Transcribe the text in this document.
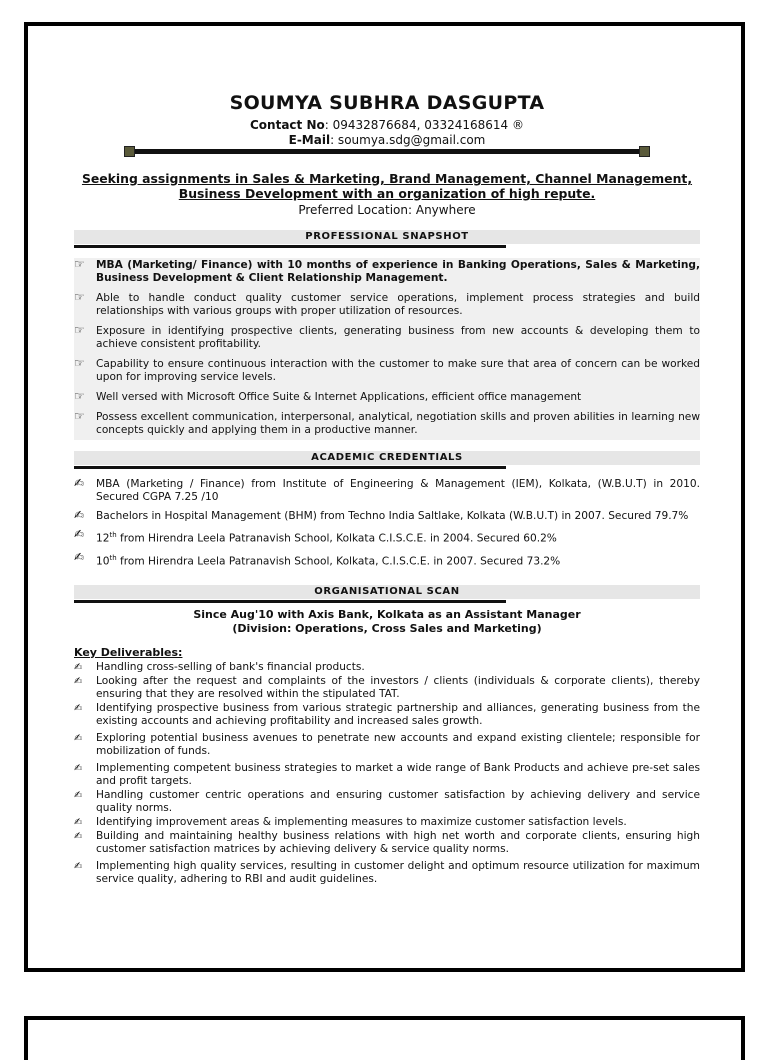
SOUMYA SUBHRA DASGUPTA
Contact No: 09432876684, 03324168614 ®
E-Mail: soumya.sdg@gmail.com
Seeking assignments in Sales & Marketing, Brand Management, Channel Management,
Business Development with an organization of high repute.
Preferred Location: Anywhere
PROFESSIONAL SNAPSHOT
☞ MBA (Marketing/ Finance) with 10 months of experience in Banking Operations, Sales & Marketing, Business Development & Client Relationship Management.
☞ Able to handle conduct quality customer service operations, implement process strategies and build relationships with various groups with proper utilization of resources.
☞ Exposure in identifying prospective clients, generating business from new accounts & developing them to achieve consistent profitability.
☞ Capability to ensure continuous interaction with the customer to make sure that area of concern can be worked upon for improving service levels.
☞ Well versed with Microsoft Office Suite & Internet Applications, efficient office management
☞ Possess excellent communication, interpersonal, analytical, negotiation skills and proven abilities in learning new concepts quickly and applying them in a productive manner.
ACADEMIC CREDENTIALS
✍ MBA (Marketing / Finance) from Institute of Engineering & Management (IEM), Kolkata, (W.B.U.T) in 2010. Secured CGPA 7.25 /10
✍ Bachelors in Hospital Management (BHM) from Techno India Saltlake, Kolkata (W.B.U.T) in 2007. Secured 79.7%
✍ 12th from Hirendra Leela Patranavish School, Kolkata C.I.S.C.E. in 2004. Secured 60.2%
✍ 10th from Hirendra Leela Patranavish School, Kolkata, C.I.S.C.E. in 2007. Secured 73.2%
ORGANISATIONAL SCAN
Since Aug'10 with Axis Bank, Kolkata as an Assistant Manager
(Division: Operations, Cross Sales and Marketing)
Key Deliverables:
✍ Handling cross-selling of bank's financial products.
✍ Looking after the request and complaints of the investors / clients (individuals & corporate clients), thereby ensuring that they are resolved within the stipulated TAT.
✍ Identifying prospective business from various strategic partnership and alliances, generating business from the existing accounts and achieving profitability and increased sales growth.
✍ Exploring potential business avenues to penetrate new accounts and expand existing clientele; responsible for mobilization of funds.
✍ Implementing competent business strategies to market a wide range of Bank Products and achieve pre-set sales and profit targets.
✍ Handling customer centric operations and ensuring customer satisfaction by achieving delivery and service quality norms.
✍ Identifying improvement areas & implementing measures to maximize customer satisfaction levels.
✍ Building and maintaining healthy business relations with high net worth and corporate clients, ensuring high customer satisfaction matrices by achieving delivery & service quality norms.
✍ Implementing high quality services, resulting in customer delight and optimum resource utilization for maximum service quality, adhering to RBI and audit guidelines.
